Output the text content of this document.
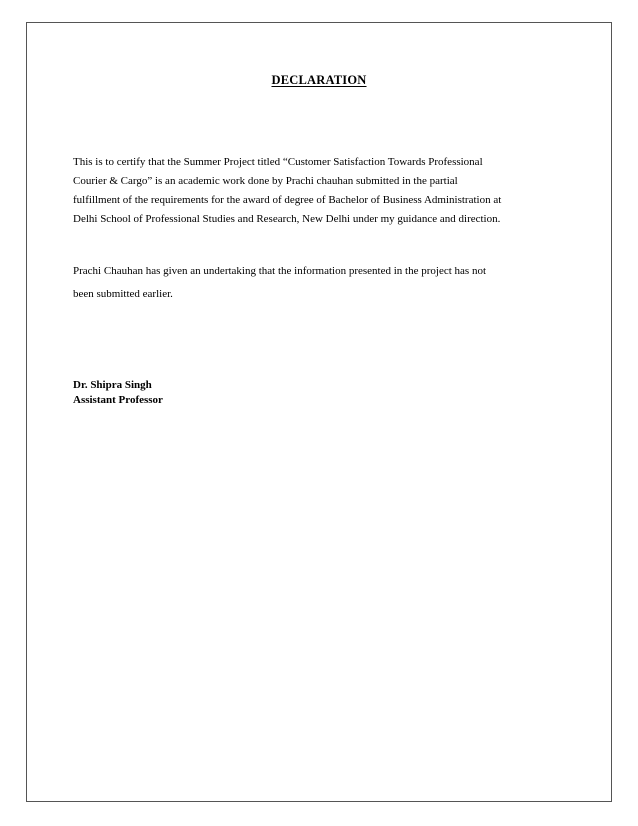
DECLARATION

This is to certify that the Summer Project titled “Customer Satisfaction Towards Professional
Courier & Cargo” is an academic work done by Prachi chauhan submitted in the partial
fulfillment of the requirements for the award of degree of Bachelor of Business Administration at
Delhi School of Professional Studies and Research, New Delhi under my guidance and direction.

Prachi Chauhan has given an undertaking that the information presented in the project has not
been submitted earlier.

Dr. Shipra Singh
Assistant Professor
